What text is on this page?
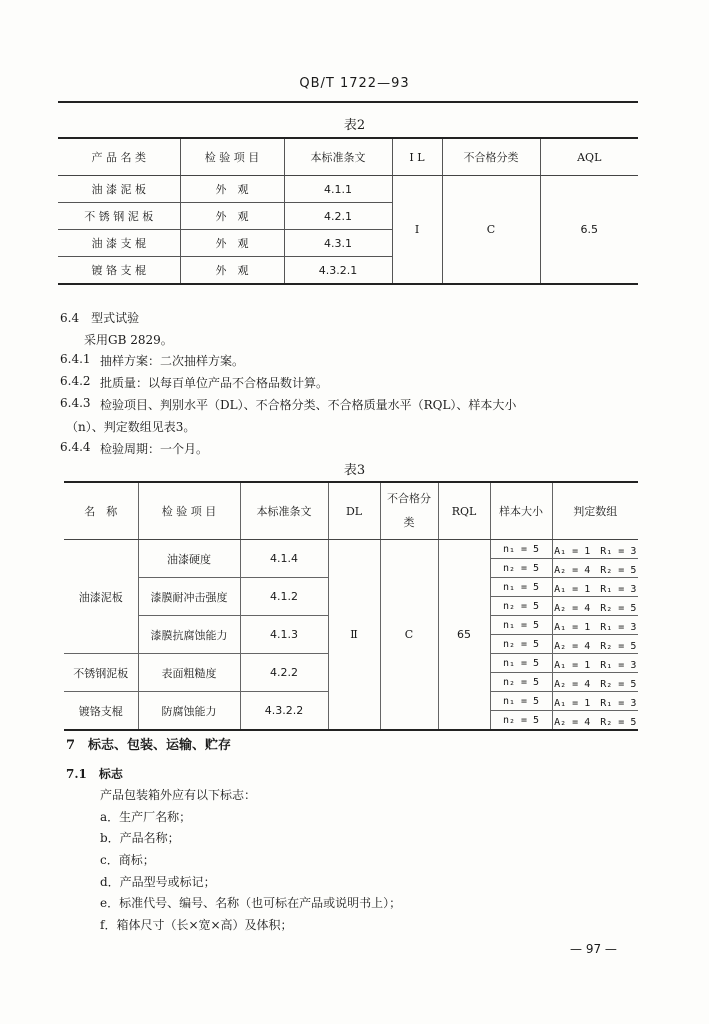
QB/T 1722—93
表2
产 品 名 类	检 验 项 目	本标准条文	I L	不合格分类	AQL
油 漆 泥 板	外　观	4.1.1	I	C	6.5
不 锈 钢 泥 板	外　观	4.2.1			
油 漆 支 棍	外　观	4.3.1			
镀 铬 支 棍	外　观	4.3.2.1			
6.4　型式试验
采用GB 2829。
6.4.1 抽样方案：二次抽样方案。
6.4.2 批质量：以每百单位产品不合格品数计算。
6.4.3 检验项目、判别水平（DL）、不合格分类、不合格质量水平（RQL）、样本大小
（n）、判定数组见表3。
6.4.4 检验周期：一个月。
表3
名　称	检 验 项 目	本标准条文	DL	不合格分 类	RQL	样本大小	判定数组
油漆泥板	油漆硬度	4.1.4	Ⅱ	C	65	n₁ = 5	A₁ = 1　R₁ = 3
						n₂ = 5	A₂ = 4　R₂ = 5
	漆膜耐冲击强度	4.1.2				n₁ = 5	A₁ = 1　R₁ = 3
						n₂ = 5	A₂ = 4　R₂ = 5
	漆膜抗腐蚀能力	4.1.3				n₁ = 5	A₁ = 1　R₁ = 3
						n₂ = 5	A₂ = 4　R₂ = 5
不锈钢泥板	表面粗糙度	4.2.2				n₁ = 5	A₁ = 1　R₁ = 3
						n₂ = 5	A₂ = 4　R₂ = 5
镀铬支棍	防腐蚀能力	4.3.2.2				n₁ = 5	A₁ = 1　R₁ = 3
						n₂ = 5	A₂ = 4　R₂ = 5
7　标志、包装、运输、贮存
7.1　标志
产品包装箱外应有以下标志：
a．生产厂名称；
b．产品名称；
c．商标；
d．产品型号或标记；
e．标准代号、编号、名称（也可标在产品或说明书上）；
f．箱体尺寸（长×宽×高）及体积；
— 97 —
